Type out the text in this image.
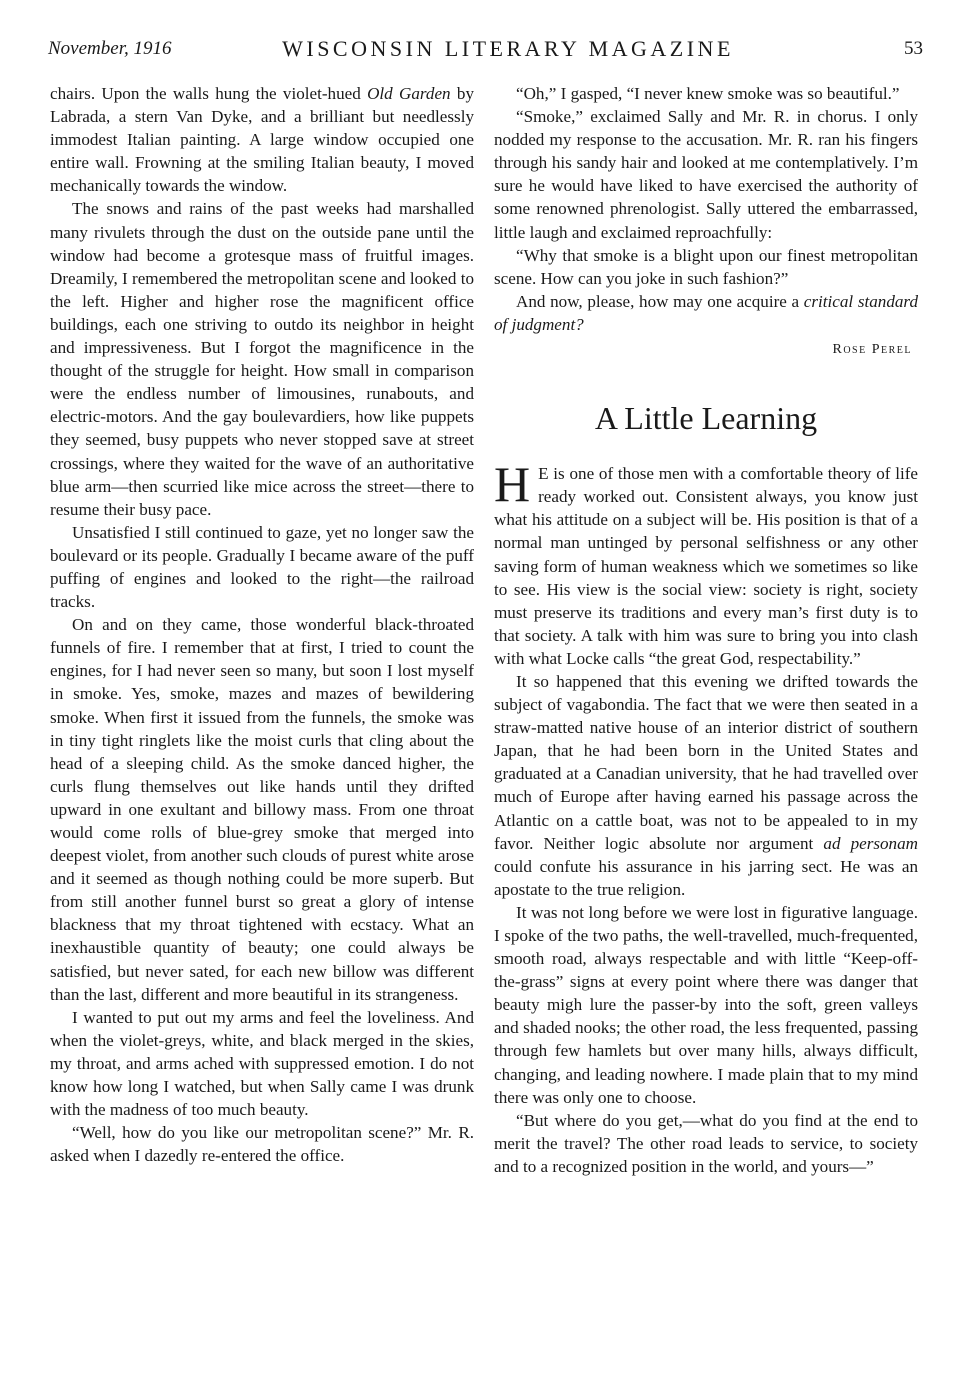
November, 1916	WISCONSIN LITERARY MAGAZINE	53

chairs. Upon the walls hung the violet-hued Old Garden by Labrada, a stern Van Dyke, and a brilliant but needlessly immodest Italian painting. A large window occupied one entire wall. Frowning at the smiling Italian beauty, I moved mechanically towards the window.

The snows and rains of the past weeks had marshalled many rivulets through the dust on the outside pane until the window had become a grotesque mass of fruitful images. Dreamily, I remembered the metropolitan scene and looked to the left. Higher and higher rose the magnificent office buildings, each one striving to outdo its neighbor in height and impressiveness. But I forgot the magnificence in the thought of the struggle for height. How small in comparison were the endless number of limousines, runabouts, and electric-motors. And the gay boulevardiers, how like puppets they seemed, busy puppets who never stopped save at street crossings, where they waited for the wave of an authoritative blue arm—then scurried like mice across the street—there to resume their busy pace.

Unsatisfied I still continued to gaze, yet no longer saw the boulevard or its people. Gradually I became aware of the puff puffing of engines and looked to the right—the railroad tracks.

On and on they came, those wonderful black-throated funnels of fire. I remember that at first, I tried to count the engines, for I had never seen so many, but soon I lost myself in smoke. Yes, smoke, mazes and mazes of bewildering smoke. When first it issued from the funnels, the smoke was in tiny tight ringlets like the moist curls that cling about the head of a sleeping child. As the smoke danced higher, the curls flung themselves out like hands until they drifted upward in one exultant and billowy mass. From one throat would come rolls of blue-grey smoke that merged into deepest violet, from another such clouds of purest white arose and it seemed as though nothing could be more superb. But from still another funnel burst so great a glory of intense blackness that my throat tightened with ecstacy. What an inexhaustible quantity of beauty; one could always be satisfied, but never sated, for each new billow was different than the last, different and more beautiful in its strangeness.

I wanted to put out my arms and feel the loveliness. And when the violet-greys, white, and black merged in the skies, my throat, and arms ached with suppressed emotion. I do not know how long I watched, but when Sally came I was drunk with the madness of too much beauty.

“Well, how do you like our metropolitan scene?” Mr. R. asked when I dazedly re-entered the office.

“Oh,” I gasped, “I never knew smoke was so beautiful.”

“Smoke,” exclaimed Sally and Mr. R. in chorus. I only nodded my response to the accusation. Mr. R. ran his fingers through his sandy hair and looked at me contemplatively. I’m sure he would have liked to have exercised the authority of some renowned phrenologist. Sally uttered the embarrassed, little laugh and exclaimed reproachfully:

“Why that smoke is a blight upon our finest metropolitan scene. How can you joke in such fashion?”

And now, please, how may one acquire a critical standard of judgment?

Rose Perel
A Little Learning

H E is one of those men with a comfortable theory of life ready worked out. Consistent always, you know just what his attitude on a subject will be. His position is that of a normal man untinged by personal selfishness or any other saving form of human weakness which we sometimes so like to see. His view is the social view: society is right, society must preserve its traditions and every man’s first duty is to that society. A talk with him was sure to bring you into clash with what Locke calls “the great God, respectability.”

It so happened that this evening we drifted towards the subject of vagabondia. The fact that we were then seated in a straw-matted native house of an interior district of southern Japan, that he had been born in the United States and graduated at a Canadian university, that he had travelled over much of Europe after having earned his passage across the Atlantic on a cattle boat, was not to be appealed to in my favor. Neither logic absolute nor argument ad personam could confute his assurance in his jarring sect. He was an apostate to the true religion.

It was not long before we were lost in figurative language. I spoke of the two paths, the well-travelled, much-frequented, smooth road, always respectable and with little “Keep-off-the-grass” signs at every point where there was danger that beauty migh lure the passer-by into the soft, green valleys and shaded nooks; the other road, the less frequented, passing through few hamlets but over many hills, always difficult, changing, and leading nowhere. I made plain that to my mind there was only one to choose.

“But where do you get,—what do you find at the end to merit the travel? The other road leads to service, to society and to a recognized position in the world, and yours—”
